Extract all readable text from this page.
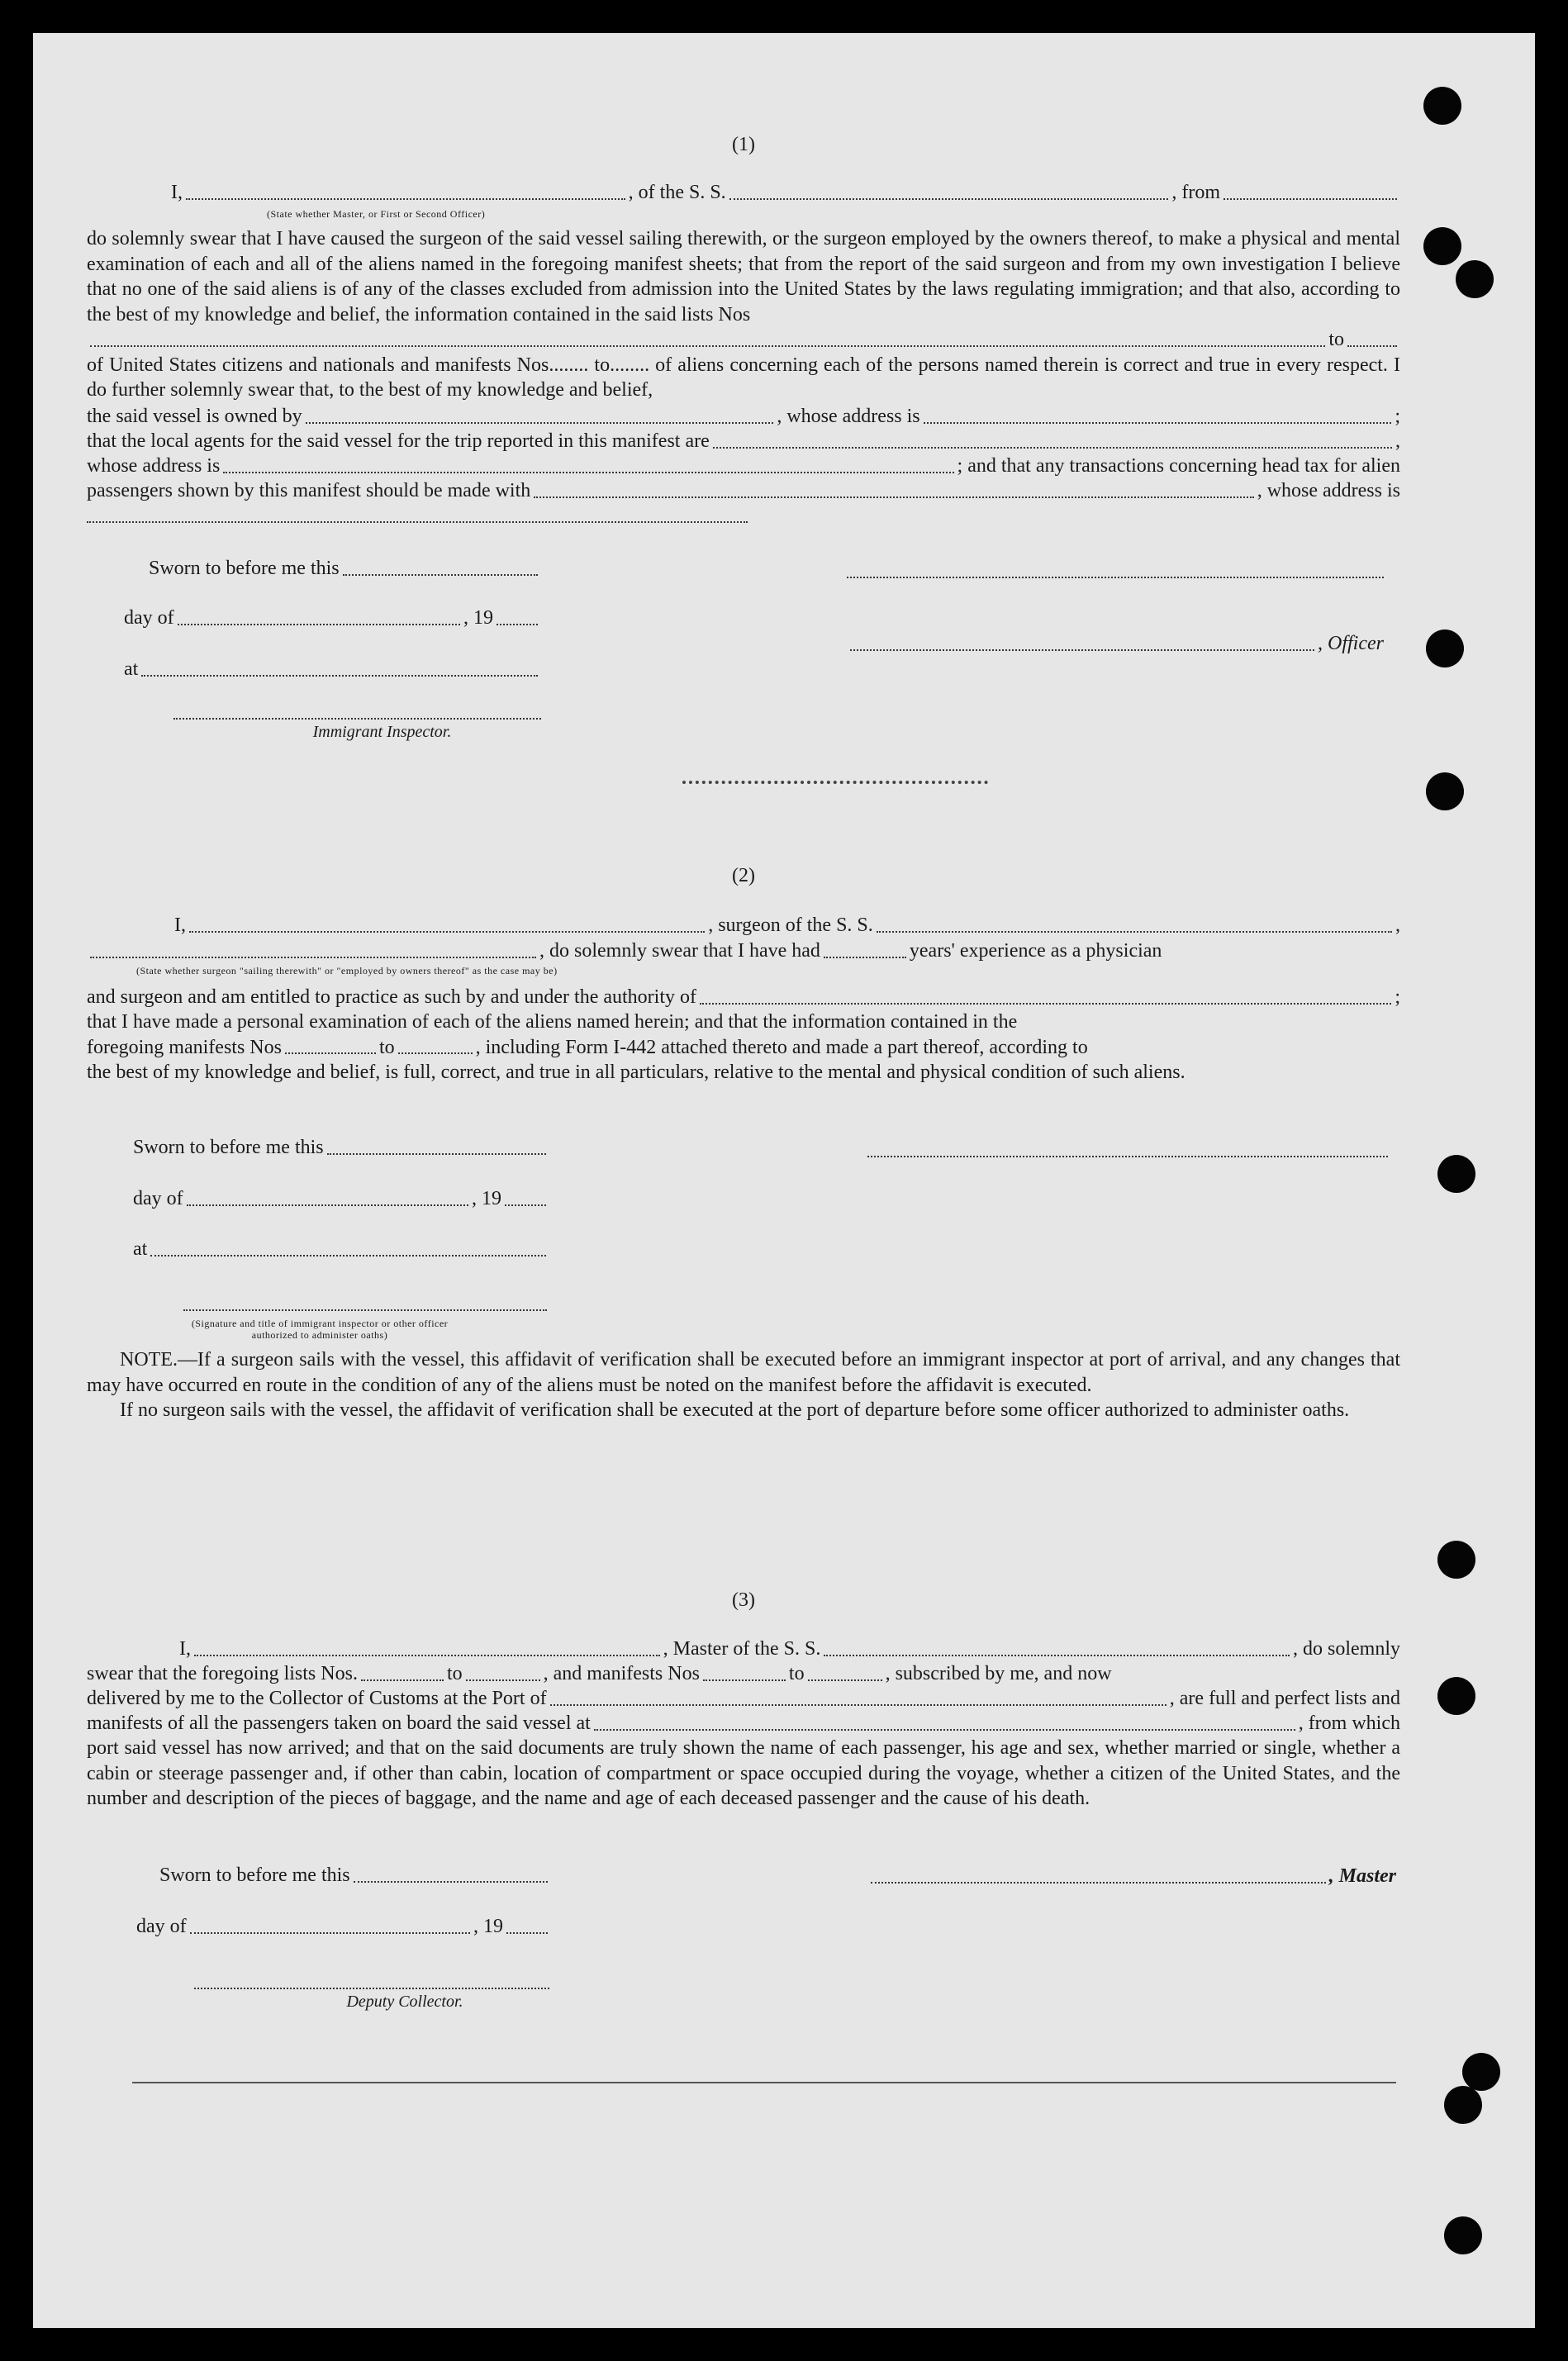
(1)
I,	, of the S. S.	, from
(State whether Master, or First or Second Officer)
do solemnly swear that I have caused the surgeon of the said vessel sailing therewith, or the surgeon employed by the owners thereof, to make a physical and mental examination of each and all of the aliens named in the foregoing manifest sheets; that from the report of the said surgeon and from my own investigation I believe that no one of the said aliens is of any of the classes excluded from admission into the United States by the laws regulating immigration; and that also, according to the best of my knowledge and belief, the information contained in the said lists Nos
to
of United States citizens and nationals and manifests Nos........ to........ of aliens concerning each of the persons named therein is correct and true in every respect. I do further solemnly swear that, to the best of my knowledge and belief,
the said vessel is owned by	, whose address is	;
that the local agents for the said vessel for the trip reported in this manifest are	,
whose address is	; and that any transactions concerning head tax for alien
passengers shown by this manifest should be made with	, whose address is
Sworn to before me this
day of	, 19
, Officer
at
Immigrant Inspector.
(2)
I,	, surgeon of the S. S.	,
, do solemnly swear that I have had	years' experience as a physician
(State whether surgeon "sailing therewith" or "employed by owners thereof" as the case may be)
and surgeon and am entitled to practice as such by and under the authority of	;
that I have made a personal examination of each of the aliens named herein; and that the information contained in the
foregoing manifests Nos	to	, including Form I-442 attached thereto and made a part thereof, according to
the best of my knowledge and belief, is full, correct, and true in all particulars, relative to the mental and physical condition of such aliens.
Sworn to before me this
day of	, 19
at
(Signature and title of immigrant inspector or other officer authorized to administer oaths)
NOTE.—If a surgeon sails with the vessel, this affidavit of verification shall be executed before an immigrant inspector at port of arrival, and any changes that may have occurred en route in the condition of any of the aliens must be noted on the manifest before the affidavit is executed.
If no surgeon sails with the vessel, the affidavit of verification shall be executed at the port of departure before some officer authorized to administer oaths.
(3)
I,	, Master of the S. S.	, do solemnly
swear that the foregoing lists Nos.	to	, and manifests Nos	to	, subscribed by me, and now
delivered by me to the Collector of Customs at the Port of	, are full and perfect lists and
manifests of all the passengers taken on board the said vessel at	, from which
port said vessel has now arrived; and that on the said documents are truly shown the name of each passenger, his age and sex, whether married or single, whether a cabin or steerage passenger and, if other than cabin, location of compartment or space occupied during the voyage, whether a citizen of the United States, and the number and description of the pieces of baggage, and the name and age of each deceased passenger and the cause of his death.
Sworn to before me this	, Master
day of	, 19
Deputy Collector.
